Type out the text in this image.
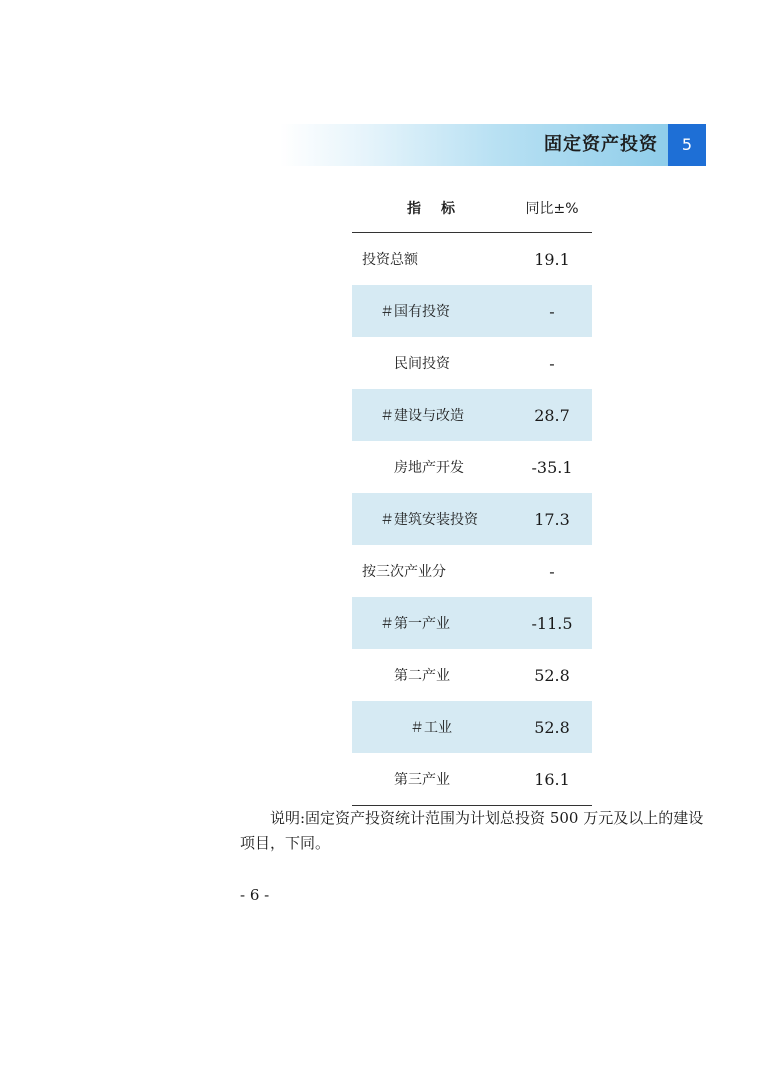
固定资产投资	5
指标	同比±%
投资总额	19.1
＃国有投资	-
民间投资	-
＃建设与改造	28.7
房地产开发	-35.1
＃建筑安装投资	17.3
按三次产业分	-
＃第一产业	-11.5
第二产业	52.8
＃工业	52.8
第三产业	16.1
说明:固定资产投资统计范围为计划总投资 500 万元及以上的建设项目，下同。
- 6 -
